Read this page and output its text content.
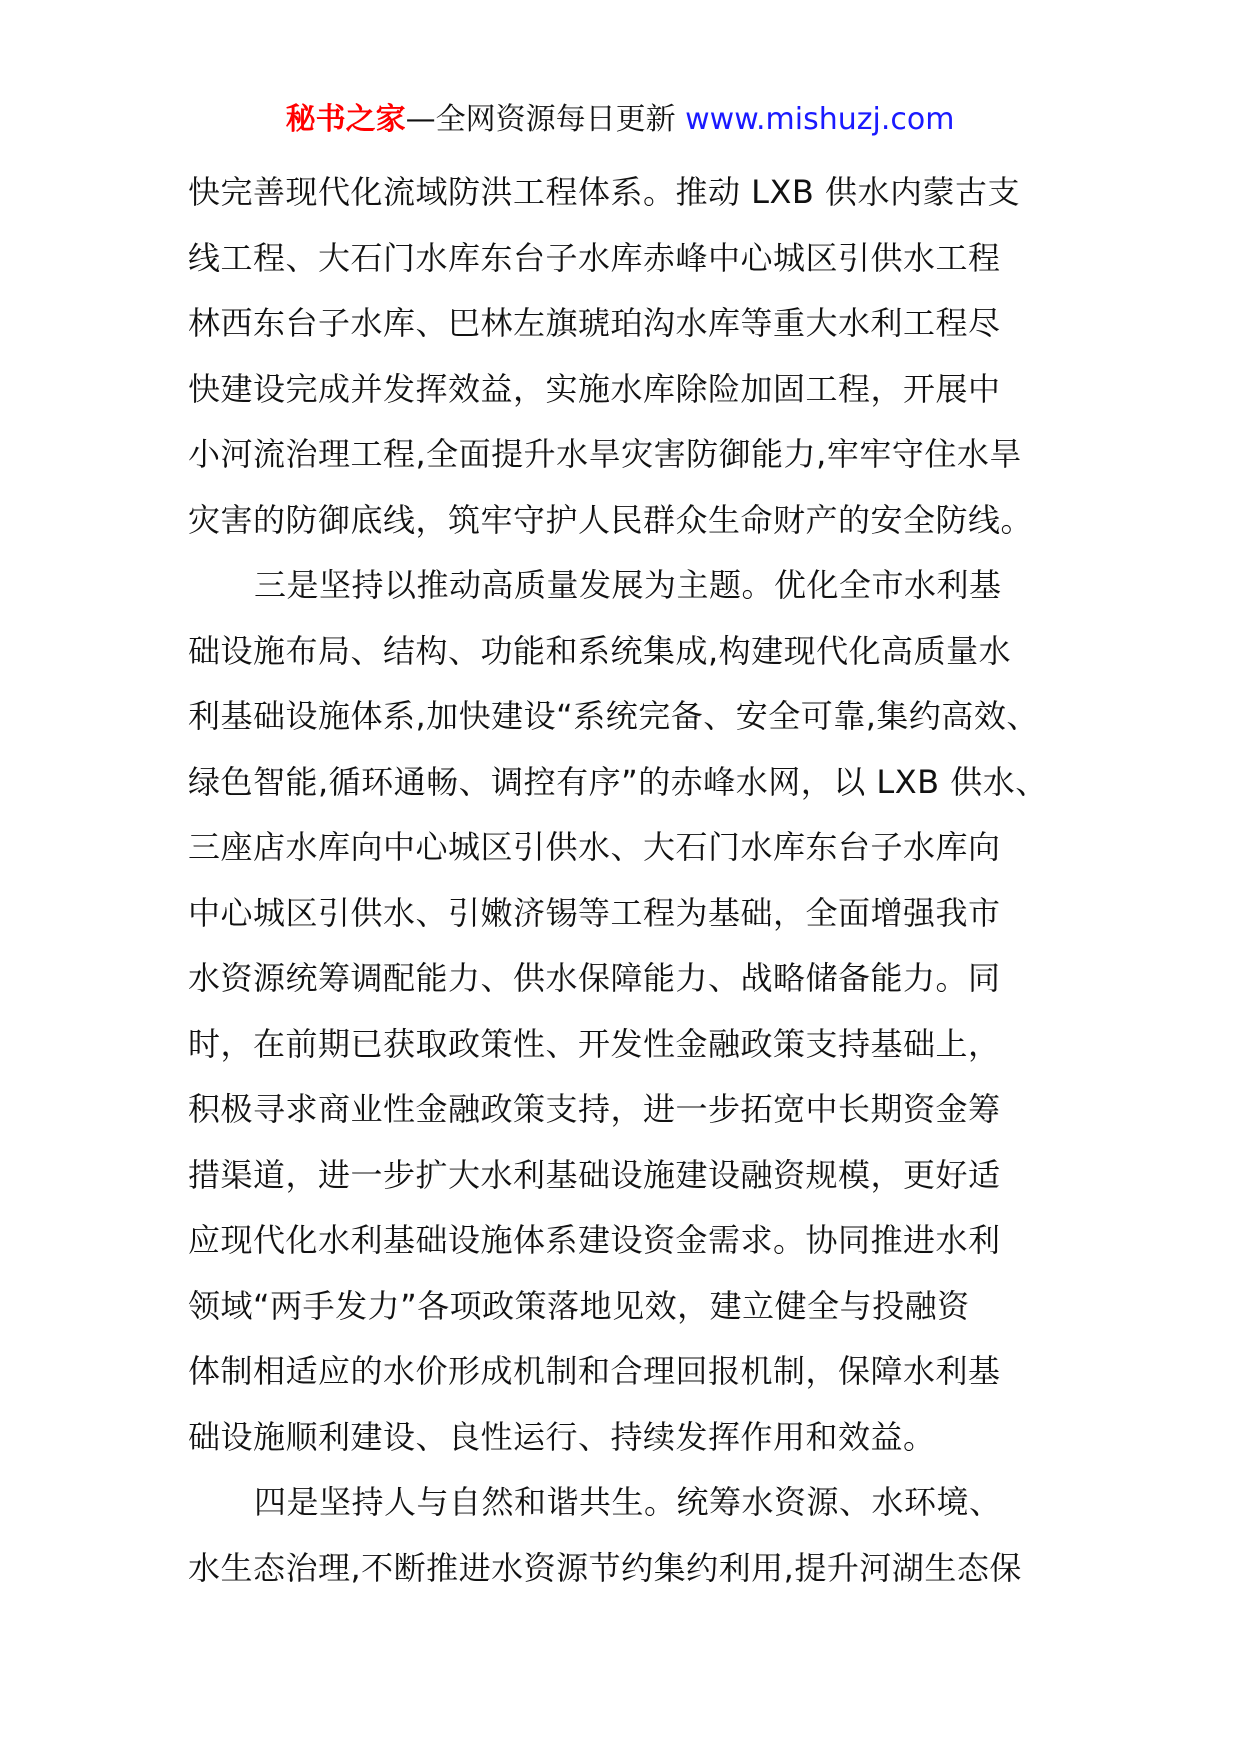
秘书之家—全网资源每日更新 www.mishuzj.com
快完善现代化流域防洪工程体系。推动 LXB 供水内蒙古支
线工程、大石门水库东台子水库赤峰中心城区引供水工程
林西东台子水库、巴林左旗琥珀沟水库等重大水利工程尽
快建设完成并发挥效益，实施水库除险加固工程，开展中
小河流治理工程,全面提升水旱灾害防御能力,牢牢守住水旱
灾害的防御底线，筑牢守护人民群众生命财产的安全防线。
三是坚持以推动高质量发展为主题。优化全市水利基
础设施布局、结构、功能和系统集成,构建现代化高质量水
利基础设施体系,加快建设“系统完备、安全可靠,集约高效、
绿色智能,循环通畅、调控有序”的赤峰水网，以 LXB 供水、
三座店水库向中心城区引供水、大石门水库东台子水库向
中心城区引供水、引嫩济锡等工程为基础，全面增强我市
水资源统筹调配能力、供水保障能力、战略储备能力。同
时，在前期已获取政策性、开发性金融政策支持基础上，
积极寻求商业性金融政策支持，进一步拓宽中长期资金筹
措渠道，进一步扩大水利基础设施建设融资规模，更好适
应现代化水利基础设施体系建设资金需求。协同推进水利
领域“两手发力”各项政策落地见效，建立健全与投融资
体制相适应的水价形成机制和合理回报机制，保障水利基
础设施顺利建设、良性运行、持续发挥作用和效益。
四是坚持人与自然和谐共生。统筹水资源、水环境、
水生态治理,不断推进水资源节约集约利用,提升河湖生态保
